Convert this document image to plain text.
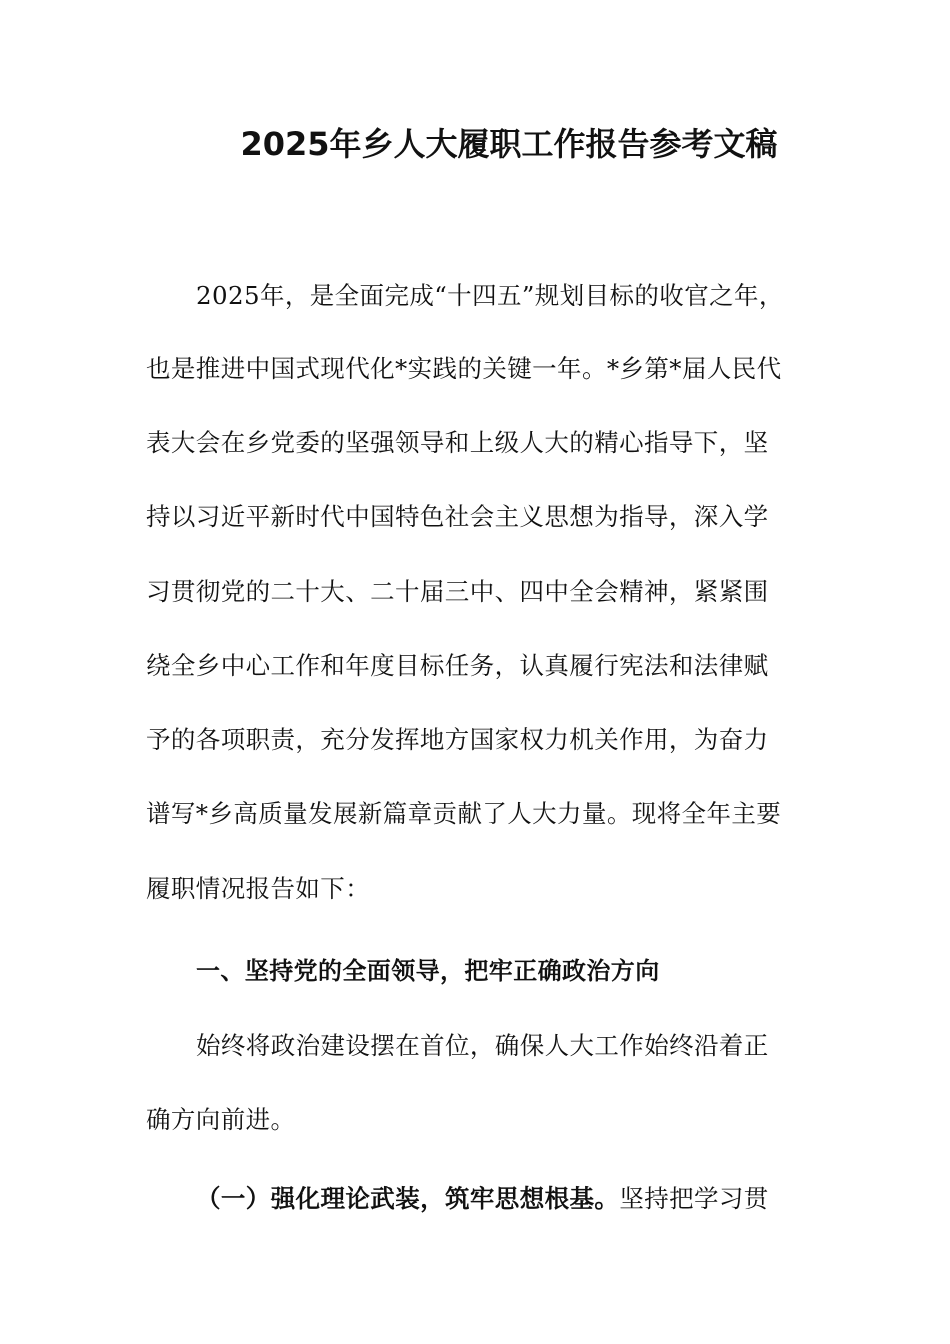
2025年乡人大履职工作报告参考文稿
2025年，是全面完成“十四五”规划目标的收官之年，
也是推进中国式现代化*实践的关键一年。*乡第*届人民代
表大会在乡党委的坚强领导和上级人大的精心指导下，坚
持以习近平新时代中国特色社会主义思想为指导，深入学
习贯彻党的二十大、二十届三中、四中全会精神，紧紧围
绕全乡中心工作和年度目标任务，认真履行宪法和法律赋
予的各项职责，充分发挥地方国家权力机关作用，为奋力
谱写*乡高质量发展新篇章贡献了人大力量。现将全年主要
履职情况报告如下：
一、坚持党的全面领导，把牢正确政治方向
始终将政治建设摆在首位，确保人大工作始终沿着正
确方向前进。
（一）强化理论武装，筑牢思想根基。坚持把学习贯
